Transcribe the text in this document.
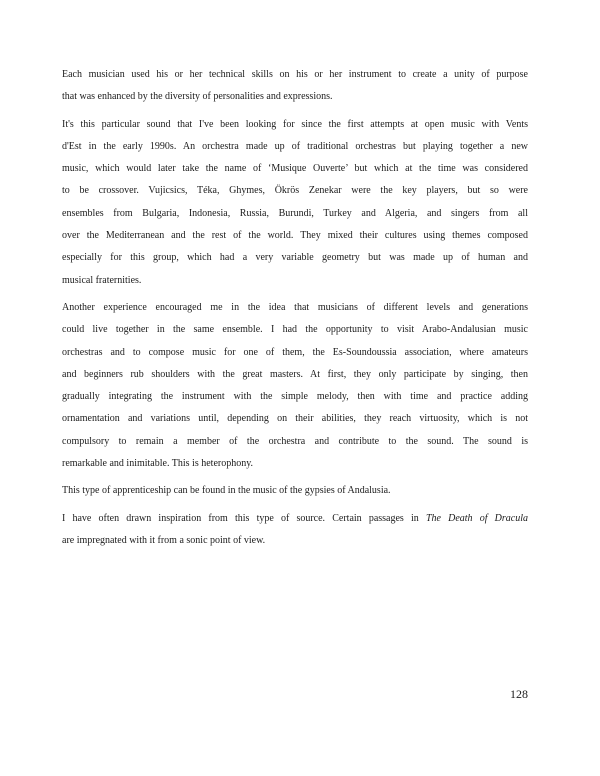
Each musician used his or her technical skills on his or her instrument to create a unity of purpose
that was enhanced by the diversity of personalities and expressions.
It's this particular sound that I've been looking for since the first attempts at open music with Vents
d'Est in the early 1990s. An orchestra made up of traditional orchestras but playing together a new
music, which would later take the name of ‘Musique Ouverte’ but which at the time was considered
to be crossover. Vujicsics, Téka, Ghymes, Ökrös Zenekar were the key players, but so were
ensembles from Bulgaria, Indonesia, Russia, Burundi, Turkey and Algeria, and singers from all
over the Mediterranean and the rest of the world. They mixed their cultures using themes composed
especially for this group, which had a very variable geometry but was made up of human and
musical fraternities.
Another experience encouraged me in the idea that musicians of different levels and generations
could live together in the same ensemble. I had the opportunity to visit Arabo-Andalusian music
orchestras and to compose music for one of them, the Es-Soundoussia association, where amateurs
and beginners rub shoulders with the great masters. At first, they only participate by singing, then
gradually integrating the instrument with the simple melody, then with time and practice adding
ornamentation and variations until, depending on their abilities, they reach virtuosity, which is not
compulsory to remain a member of the orchestra and contribute to the sound. The sound is
remarkable and inimitable. This is heterophony.
This type of apprenticeship can be found in the music of the gypsies of Andalusia.
I have often drawn inspiration from this type of source. Certain passages in The Death of Dracula
are impregnated with it from a sonic point of view.
128
